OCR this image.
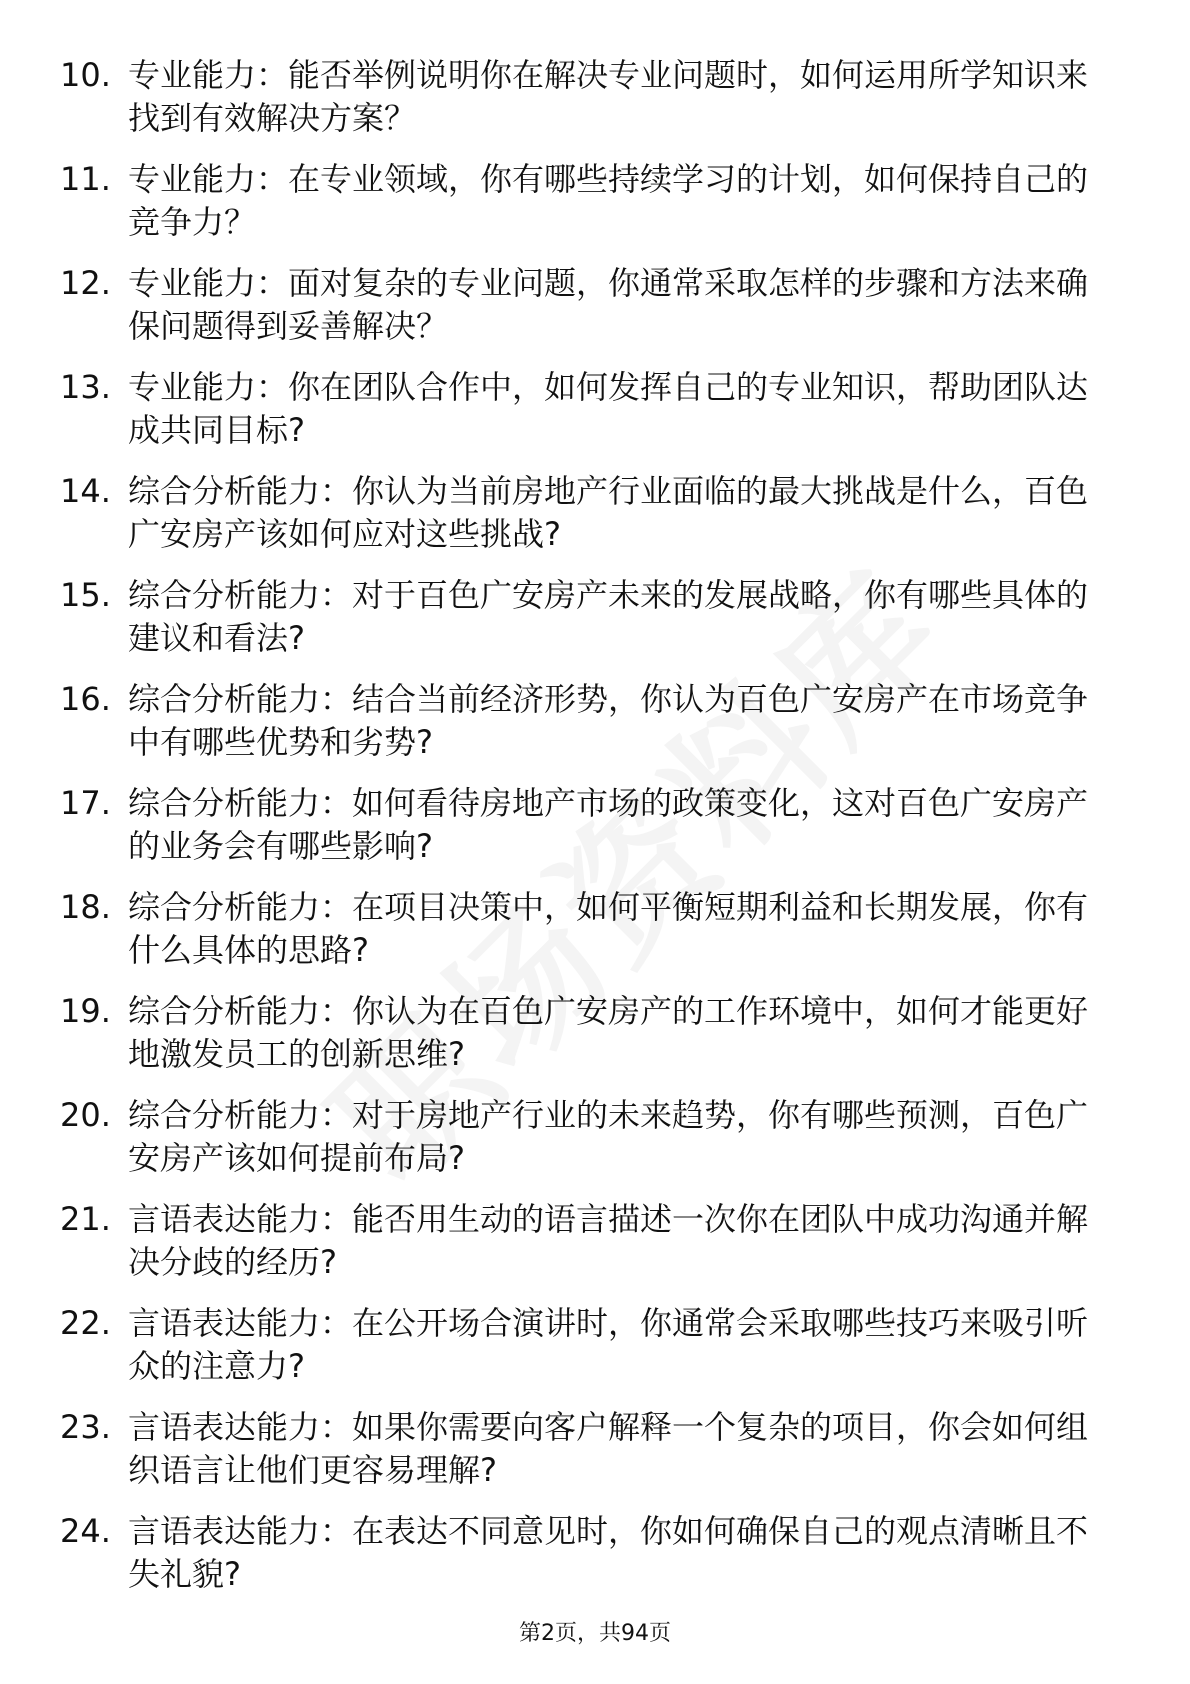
10. 专业能力：能否举例说明你在解决专业问题时，如何运用所学知识来找到有效解决方案？
11. 专业能力：在专业领域，你有哪些持续学习的计划，如何保持自己的竞争力？
12. 专业能力：面对复杂的专业问题，你通常采取怎样的步骤和方法来确保问题得到妥善解决？
13. 专业能力：你在团队合作中，如何发挥自己的专业知识，帮助团队达成共同目标?
14. 综合分析能力：你认为当前房地产行业面临的最大挑战是什么，百色广安房产该如何应对这些挑战?
15. 综合分析能力：对于百色广安房产未来的发展战略，你有哪些具体的建议和看法?
16. 综合分析能力：结合当前经济形势，你认为百色广安房产在市场竞争中有哪些优势和劣势?
17. 综合分析能力：如何看待房地产市场的政策变化，这对百色广安房产的业务会有哪些影响?
18. 综合分析能力：在项目决策中，如何平衡短期利益和长期发展，你有什么具体的思路?
19. 综合分析能力：你认为在百色广安房产的工作环境中，如何才能更好地激发员工的创新思维?
20. 综合分析能力：对于房地产行业的未来趋势，你有哪些预测，百色广安房产该如何提前布局?
21. 言语表达能力：能否用生动的语言描述一次你在团队中成功沟通并解决分歧的经历?
22. 言语表达能力：在公开场合演讲时，你通常会采取哪些技巧来吸引听众的注意力?
23. 言语表达能力：如果你需要向客户解释一个复杂的项目，你会如何组织语言让他们更容易理解?
24. 言语表达能力：在表达不同意见时，你如何确保自己的观点清晰且不失礼貌?
第2页，共94页
